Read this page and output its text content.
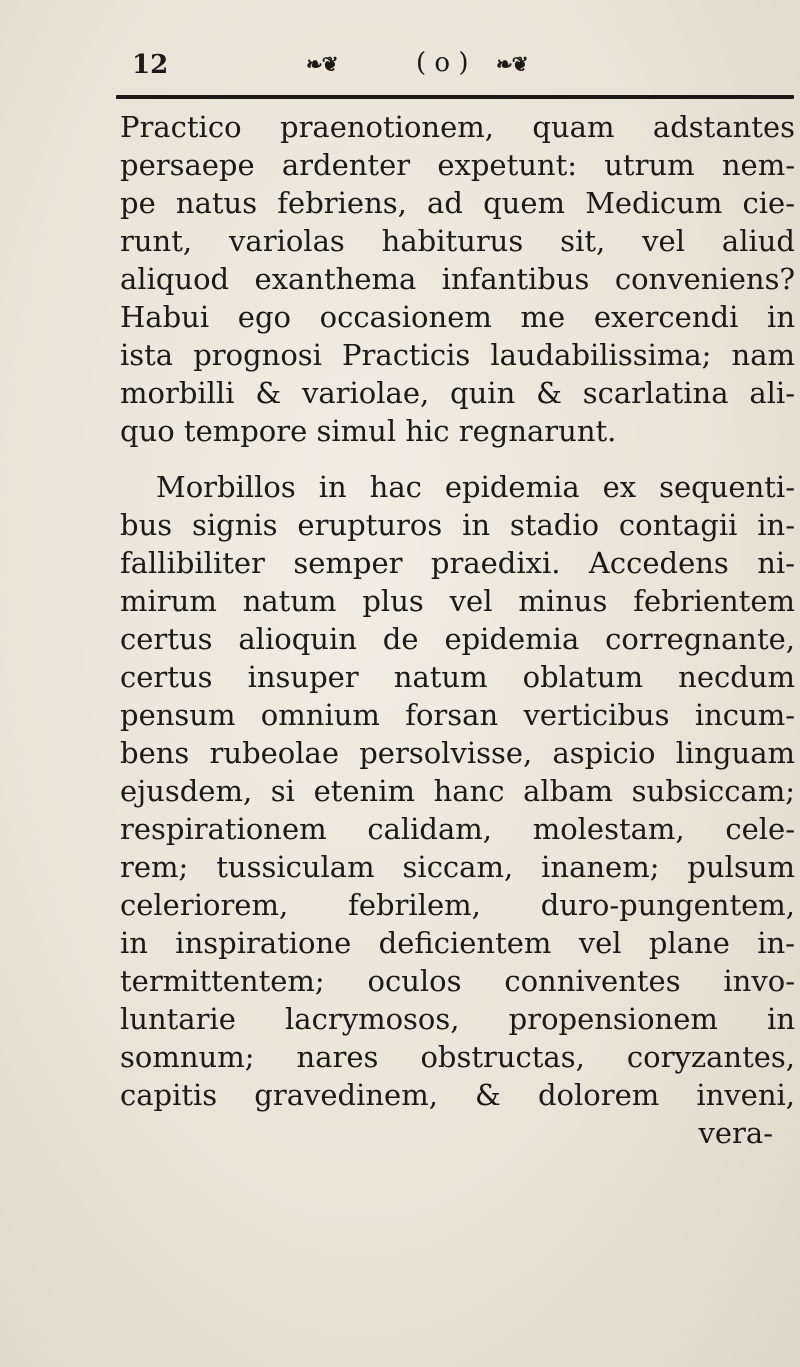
12	❧❦	( o ) ❧❦
Practico praenotionem, quam adstantes
persaepe ardenter expetunt: utrum nem-
pe natus febriens, ad quem Medicum cie-
runt, variolas habiturus sit, vel aliud
aliquod exanthema infantibus conveniens?
Habui ego occasionem me exercendi in
ista prognosi Practicis laudabilissima; nam
morbilli & variolae, quin & scarlatina ali-
quo tempore simul hic regnarunt.
Morbillos in hac epidemia ex sequenti-
bus signis erupturos in stadio contagii in-
fallibiliter semper praedixi. Accedens ni-
mirum natum plus vel minus febrientem
certus alioquin de epidemia corregnante,
certus insuper natum oblatum necdum
pensum omnium forsan verticibus incum-
bens rubeolae persolvisse, aspicio linguam
ejusdem, si etenim hanc albam subsiccam;
respirationem calidam, molestam, cele-
rem; tussiculam siccam, inanem; pulsum
celeriorem, febrilem, duro-pungentem,
in inspiratione deficientem vel plane in-
termittentem; oculos conniventes invo-
luntarie lacrymosos, propensionem in
somnum; nares obstructas, coryzantes,
capitis gravedinem, & dolorem inveni,
vera-
